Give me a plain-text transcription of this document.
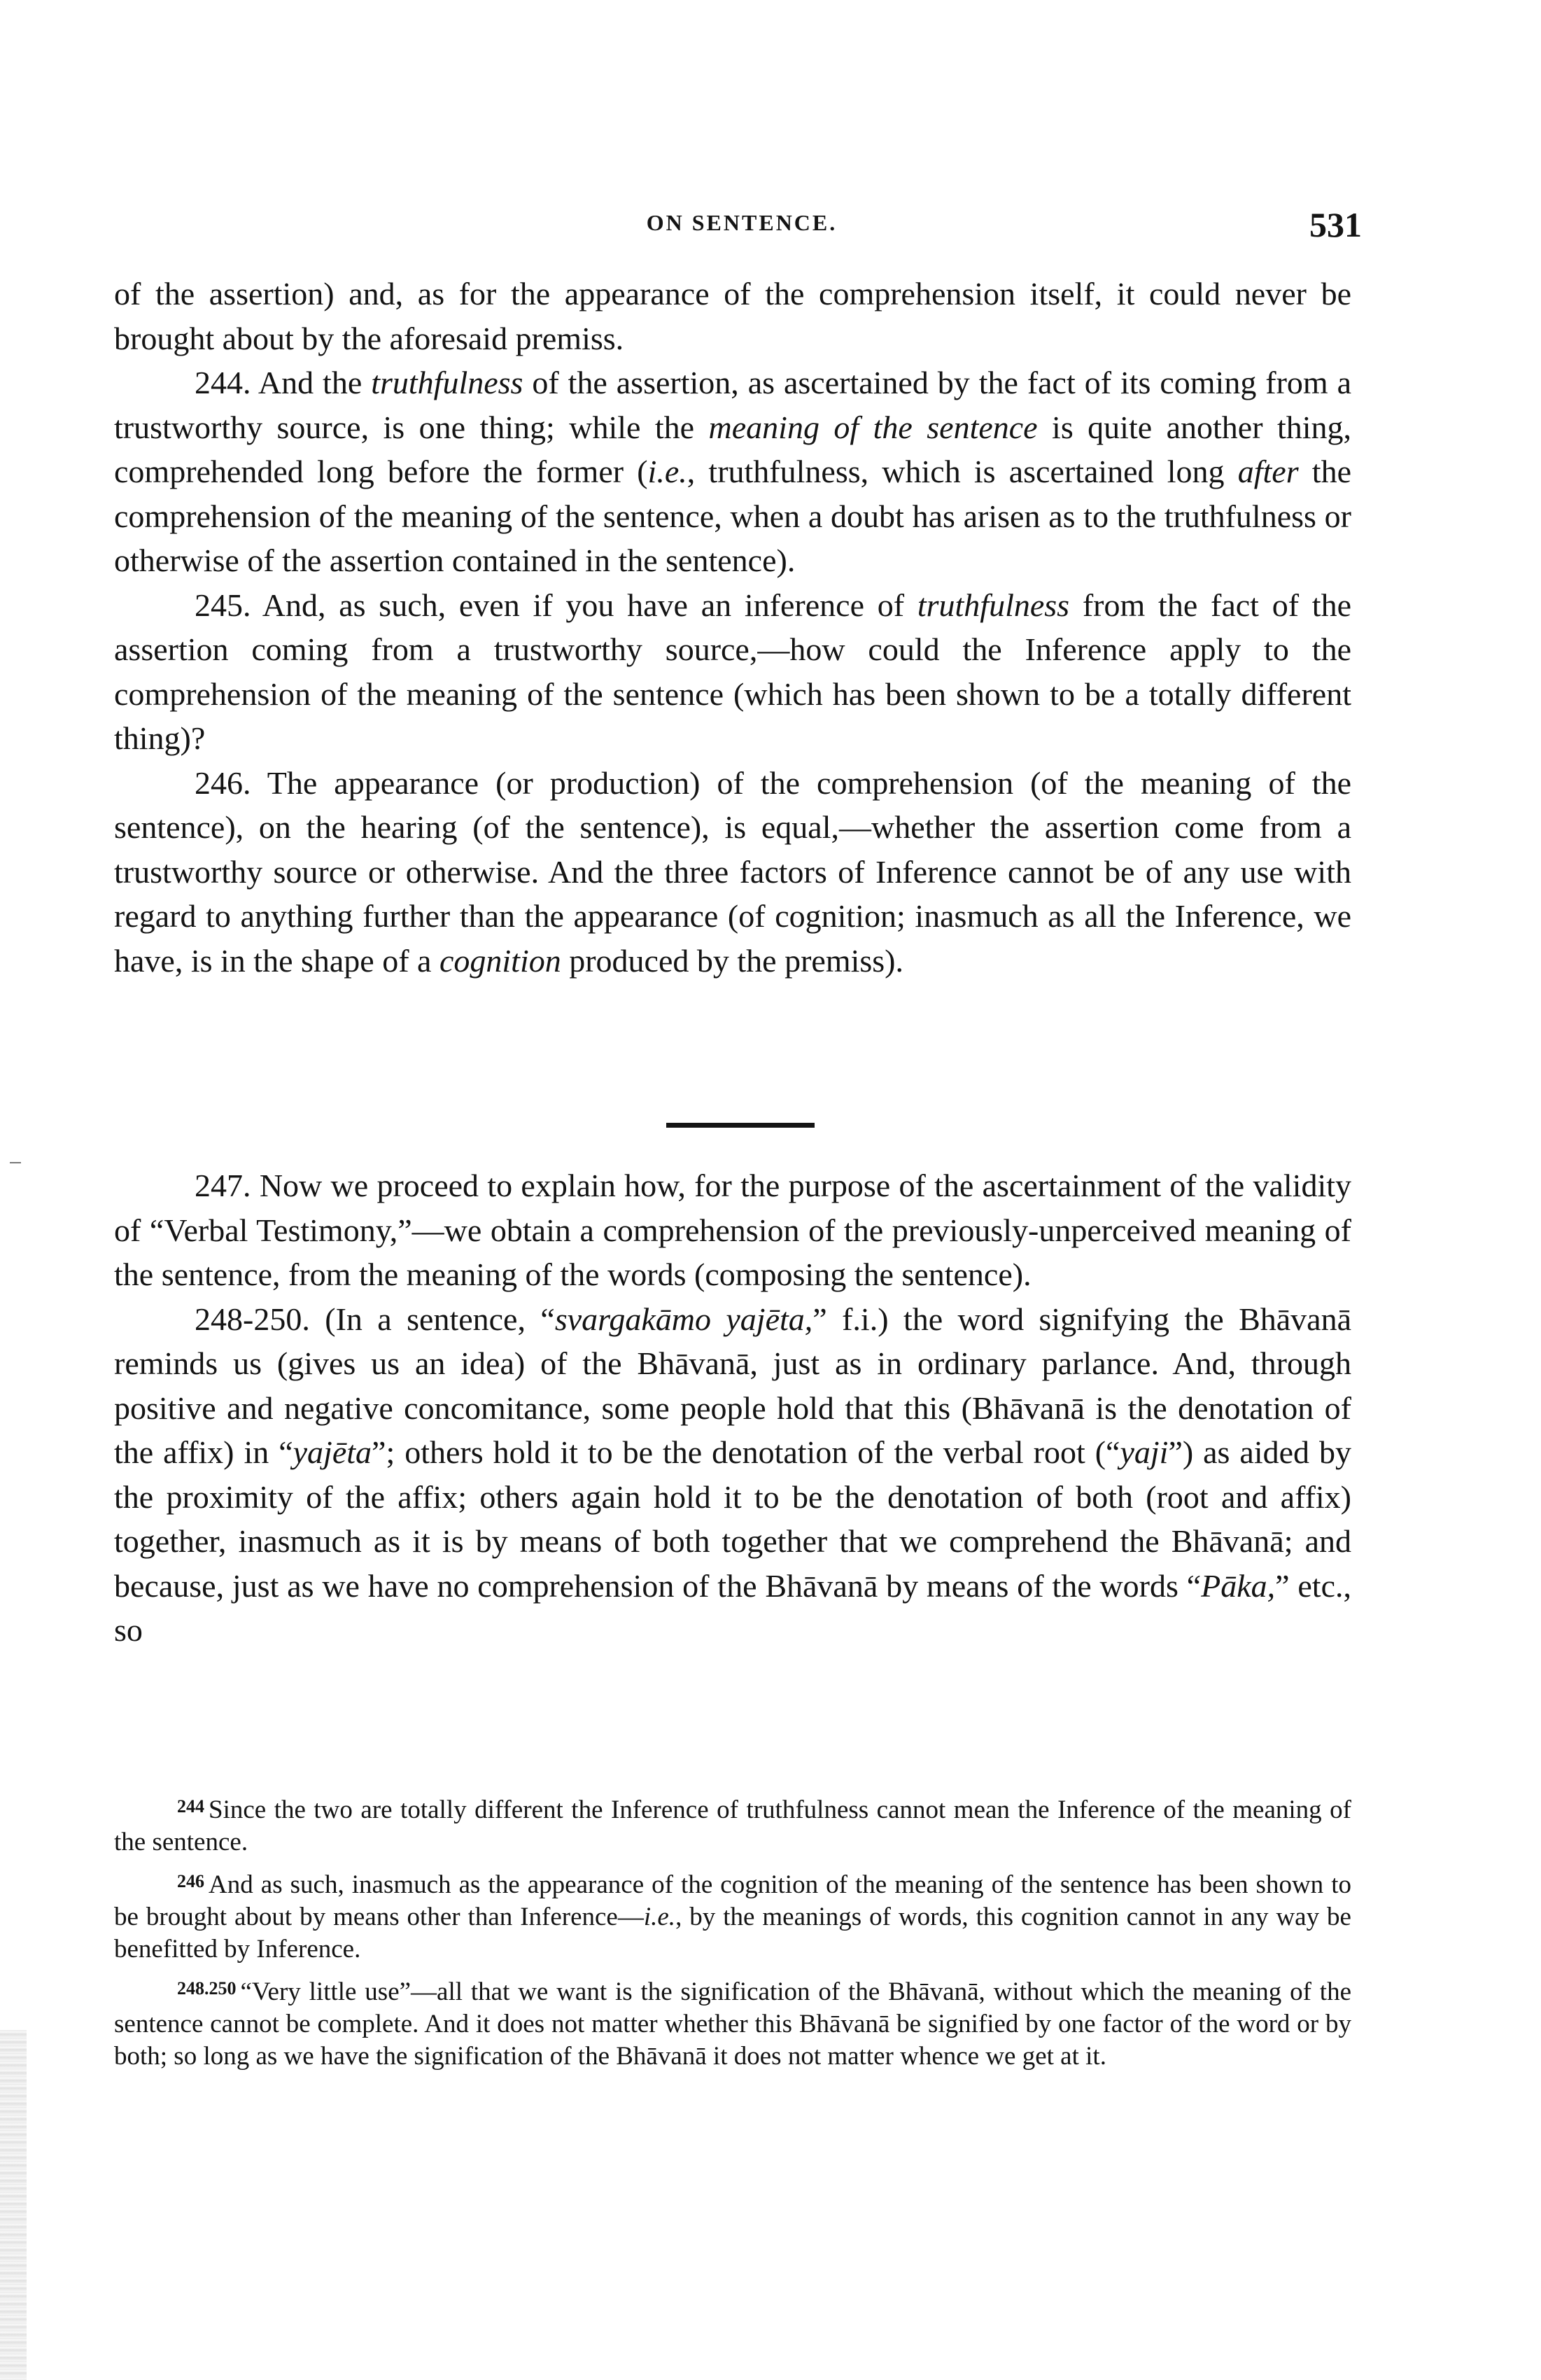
ON SENTENCE.	531

of the assertion) and, as for the appearance of the comprehension itself, it could never be brought about by the aforesaid premiss.

244. And the truthfulness of the assertion, as ascertained by the fact of its coming from a trustworthy source, is one thing; while the meaning of the sentence is quite another thing, comprehended long before the former (i.e., truthfulness, which is ascertained long after the comprehension of the meaning of the sentence, when a doubt has arisen as to the truthfulness or otherwise of the assertion contained in the sentence).

245. And, as such, even if you have an inference of truthfulness from the fact of the assertion coming from a trustworthy source,—how could the Inference apply to the comprehension of the meaning of the sentence (which has been shown to be a totally different thing)?

246. The appearance (or production) of the comprehension (of the meaning of the sentence), on the hearing (of the sentence), is equal,—whether the assertion come from a trustworthy source or otherwise. And the three factors of Inference cannot be of any use with regard to anything further than the appearance (of cognition; inasmuch as all the Inference, we have, is in the shape of a cognition produced by the premiss).

247. Now we proceed to explain how, for the purpose of the ascertainment of the validity of “Verbal Testimony,”—we obtain a comprehension of the previously-unperceived meaning of the sentence, from the meaning of the words (composing the sentence).

248-250. (In a sentence, “svargakāmo yajēta,” f.i.) the word signifying the Bhāvanā reminds us (gives us an idea) of the Bhāvanā, just as in ordinary parlance. And, through positive and negative concomitance, some people hold that this (Bhāvanā is the denotation of the affix) in “yajēta”; others hold it to be the denotation of the verbal root (“yaji”) as aided by the proximity of the affix; others again hold it to be the denotation of both (root and affix) together, inasmuch as it is by means of both together that we comprehend the Bhāvanā; and because, just as we have no comprehension of the Bhāvanā by means of the words “Pāka,” etc., so

$^{244}$ Since the two are totally different the Inference of truthfulness cannot mean the Inference of the meaning of the sentence.

$^{246}$ And as such, inasmuch as the appearance of the cognition of the meaning of the sentence has been shown to be brought about by means other than Inference—i.e., by the meanings of words, this cognition cannot in any way be benefitted by Inference.

$^{248.250}$ “Very little use”—all that we want is the signification of the Bhāvanā, without which the meaning of the sentence cannot be complete. And it does not matter whether this Bhāvanā be signified by one factor of the word or by both; so long as we have the signification of the Bhāvanā it does not matter whence we get at it.
